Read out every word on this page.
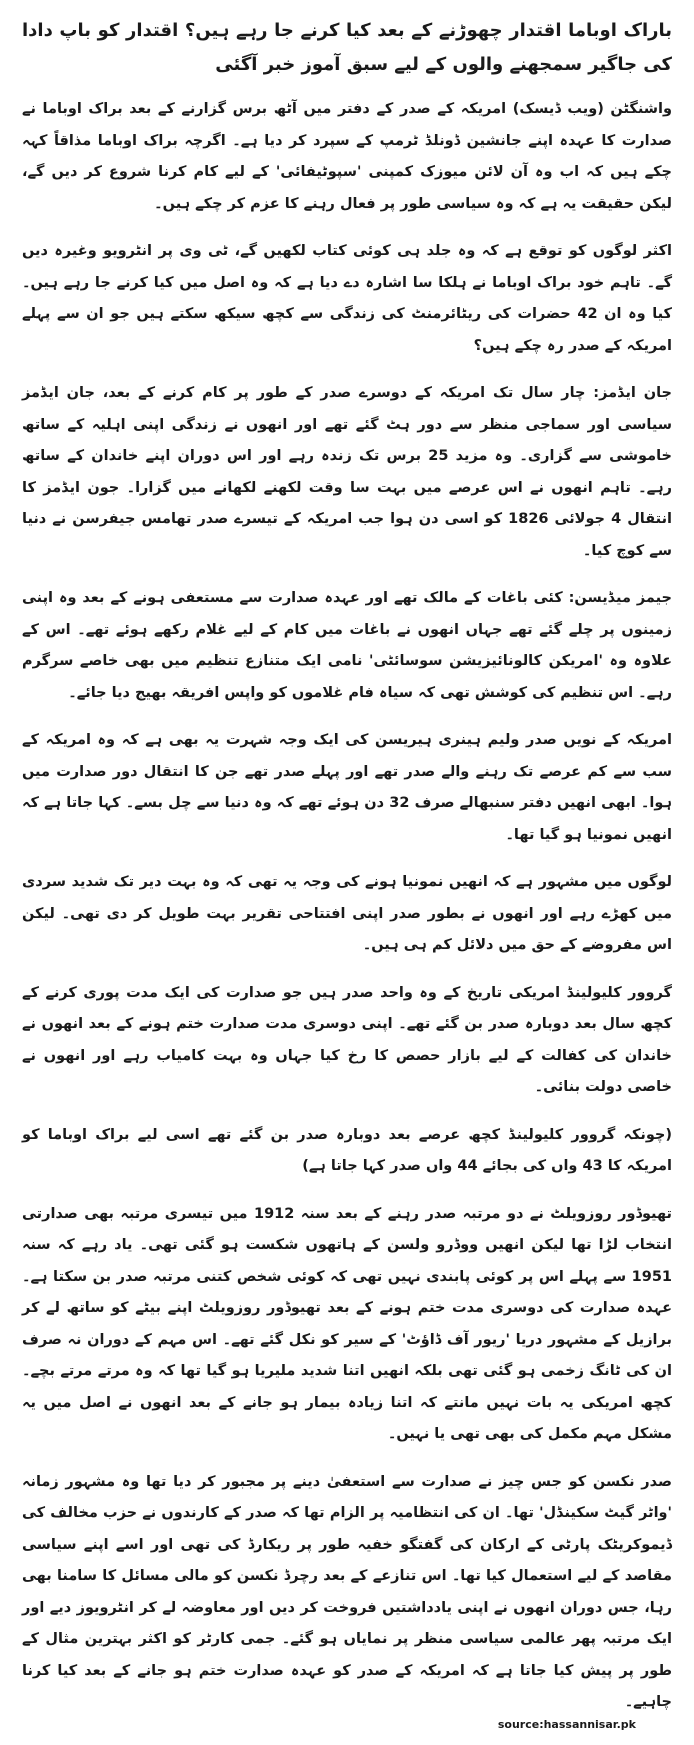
باراک اوباما اقتدار چھوڑنے کے بعد کیا کرنے جا رہے ہیں؟ اقتدار کو باپ دادا کی جاگیر سمجھنے والوں کے لیے سبق آموز خبر آگئی
واشنگٹن (ویب ڈیسک) امریکہ کے صدر کے دفتر میں آٹھ برس گزارنے کے بعد براک اوباما نے صدارت کا عہدہ اپنے جانشین ڈونلڈ ٹرمپ کے سپرد کر دیا ہے۔ اگرچہ براک اوباما مذاقاً کہہ چکے ہیں کہ اب وہ آن لائن میوزک کمپنی 'سپوٹیفائی' کے لیے کام کرنا شروع کر دیں گے، لیکن حقیقت یہ ہے کہ وہ سیاسی طور پر فعال رہنے کا عزم کر چکے ہیں۔
اکثر لوگوں کو توقع ہے کہ وہ جلد ہی کوئی کتاب لکھیں گے، ٹی وی پر انٹرویو وغیرہ دیں گے۔ تاہم خود براک اوباما نے ہلکا سا اشارہ دے دیا ہے کہ وہ اصل میں کیا کرنے جا رہے ہیں۔ کیا وہ ان 42 حضرات کی ریٹائرمنٹ کی زندگی سے کچھ سیکھ سکتے ہیں جو ان سے پہلے امریکہ کے صدر رہ چکے ہیں؟
جان ایڈمز: چار سال تک امریکہ کے دوسرے صدر کے طور پر کام کرنے کے بعد، جان ایڈمز سیاسی اور سماجی منظر سے دور ہٹ گئے تھے اور انھوں نے زندگی اپنی اہلیہ کے ساتھ خاموشی سے گزاری۔ وہ مزید 25 برس تک زندہ رہے اور اس دوران اپنے خاندان کے ساتھ رہے۔ تاہم انھوں نے اس عرصے میں بہت سا وقت لکھنے لکھانے میں گزارا۔ جون ایڈمز کا انتقال 4 جولائی 1826 کو اسی دن ہوا جب امریکہ کے تیسرے صدر تھامس جیفرسن نے دنیا سے کوچ کیا۔
جیمز میڈیسن: کئی باغات کے مالک تھے اور عہدہ صدارت سے مستعفی ہونے کے بعد وہ اپنی زمینوں پر چلے گئے تھے جہاں انھوں نے باغات میں کام کے لیے غلام رکھے ہوئے تھے۔ اس کے علاوہ وہ 'امریکن کالونائیزیشن سوسائٹی' نامی ایک متنازع تنظیم میں بھی خاصے سرگرم رہے۔ اس تنظیم کی کوشش تھی کہ سیاہ فام غلاموں کو واپس افریقہ بھیج دیا جائے۔
امریکہ کے نویں صدر ولیم ہینری ہیریسن کی ایک وجہ شہرت یہ بھی ہے کہ وہ امریکہ کے سب سے کم عرصے تک رہنے والے صدر تھے اور پہلے صدر تھے جن کا انتقال دور صدارت میں ہوا۔ ابھی انھیں دفتر سنبھالے صرف 32 دن ہوئے تھے کہ وہ دنیا سے چل بسے۔ کہا جاتا ہے کہ انھیں نمونیا ہو گیا تھا۔
لوگوں میں مشہور ہے کہ انھیں نمونیا ہونے کی وجہ یہ تھی کہ وہ بہت دیر تک شدید سردی میں کھڑے رہے اور انھوں نے بطور صدر اپنی افتتاحی تقریر بہت طویل کر دی تھی۔ لیکن اس مفروضے کے حق میں دلائل کم ہی ہیں۔
گروور کلیولینڈ امریکی تاریخ کے وہ واحد صدر ہیں جو صدارت کی ایک مدت پوری کرنے کے کچھ سال بعد دوبارہ صدر بن گئے تھے۔ اپنی دوسری مدت صدارت ختم ہونے کے بعد انھوں نے خاندان کی کفالت کے لیے بازار حصص کا رخ کیا جہاں وہ بہت کامیاب رہے اور انھوں نے خاصی دولت بنائی۔
(چونکہ گروور کلیولینڈ کچھ عرصے بعد دوبارہ صدر بن گئے تھے اسی لیے براک اوباما کو امریکہ کا 43 واں کی بجائے 44 واں صدر کہا جاتا ہے)
تھیوڈور روزویلٹ نے دو مرتبہ صدر رہنے کے بعد سنہ 1912 میں تیسری مرتبہ بھی صدارتی انتخاب لڑا تھا لیکن انھیں ووڈرو ولسن کے ہاتھوں شکست ہو گئی تھی۔ یاد رہے کہ سنہ 1951 سے پہلے اس پر کوئی پابندی نہیں تھی کہ کوئی شخص کتنی مرتبہ صدر بن سکتا ہے۔ عہدہ صدارت کی دوسری مدت ختم ہونے کے بعد تھیوڈور روزویلٹ اپنے بیٹے کو ساتھ لے کر برازیل کے مشہور دریا 'ریور آف ڈاؤٹ' کے سیر کو نکل گئے تھے۔ اس مہم کے دوران نہ صرف ان کی ٹانگ زخمی ہو گئی تھی بلکہ انھیں اتنا شدید ملیریا ہو گیا تھا کہ وہ مرتے مرتے بچے۔ کچھ امریکی یہ بات نہیں مانتے کہ اتنا زیادہ بیمار ہو جانے کے بعد انھوں نے اصل میں یہ مشکل مہم مکمل کی بھی تھی یا نہیں۔
صدر نکسن کو جس چیز نے صدارت سے استعفیٰ دینے پر مجبور کر دیا تھا وہ مشہور زمانہ 'واٹر گیٹ سکینڈل' تھا۔ ان کی انتظامیہ پر الزام تھا کہ صدر کے کارندوں نے حزب مخالف کی ڈیموکریٹک پارٹی کے ارکان کی گفتگو خفیہ طور پر ریکارڈ کی تھی اور اسے اپنے سیاسی مقاصد کے لیے استعمال کیا تھا۔ اس تنازعے کے بعد رچرڈ نکسن کو مالی مسائل کا سامنا بھی رہا، جس دوران انھوں نے اپنی یادداشتیں فروخت کر دیں اور معاوضہ لے کر انٹرویوز دیے اور ایک مرتبہ پھر عالمی سیاسی منظر پر نمایاں ہو گئے۔ جمی کارٹر کو اکثر بہترین مثال کے طور پر پیش کیا جاتا ہے کہ امریکہ کے صدر کو عہدہ صدارت ختم ہو جانے کے بعد کیا کرنا چاہیے۔
source:hassannisar.pk
